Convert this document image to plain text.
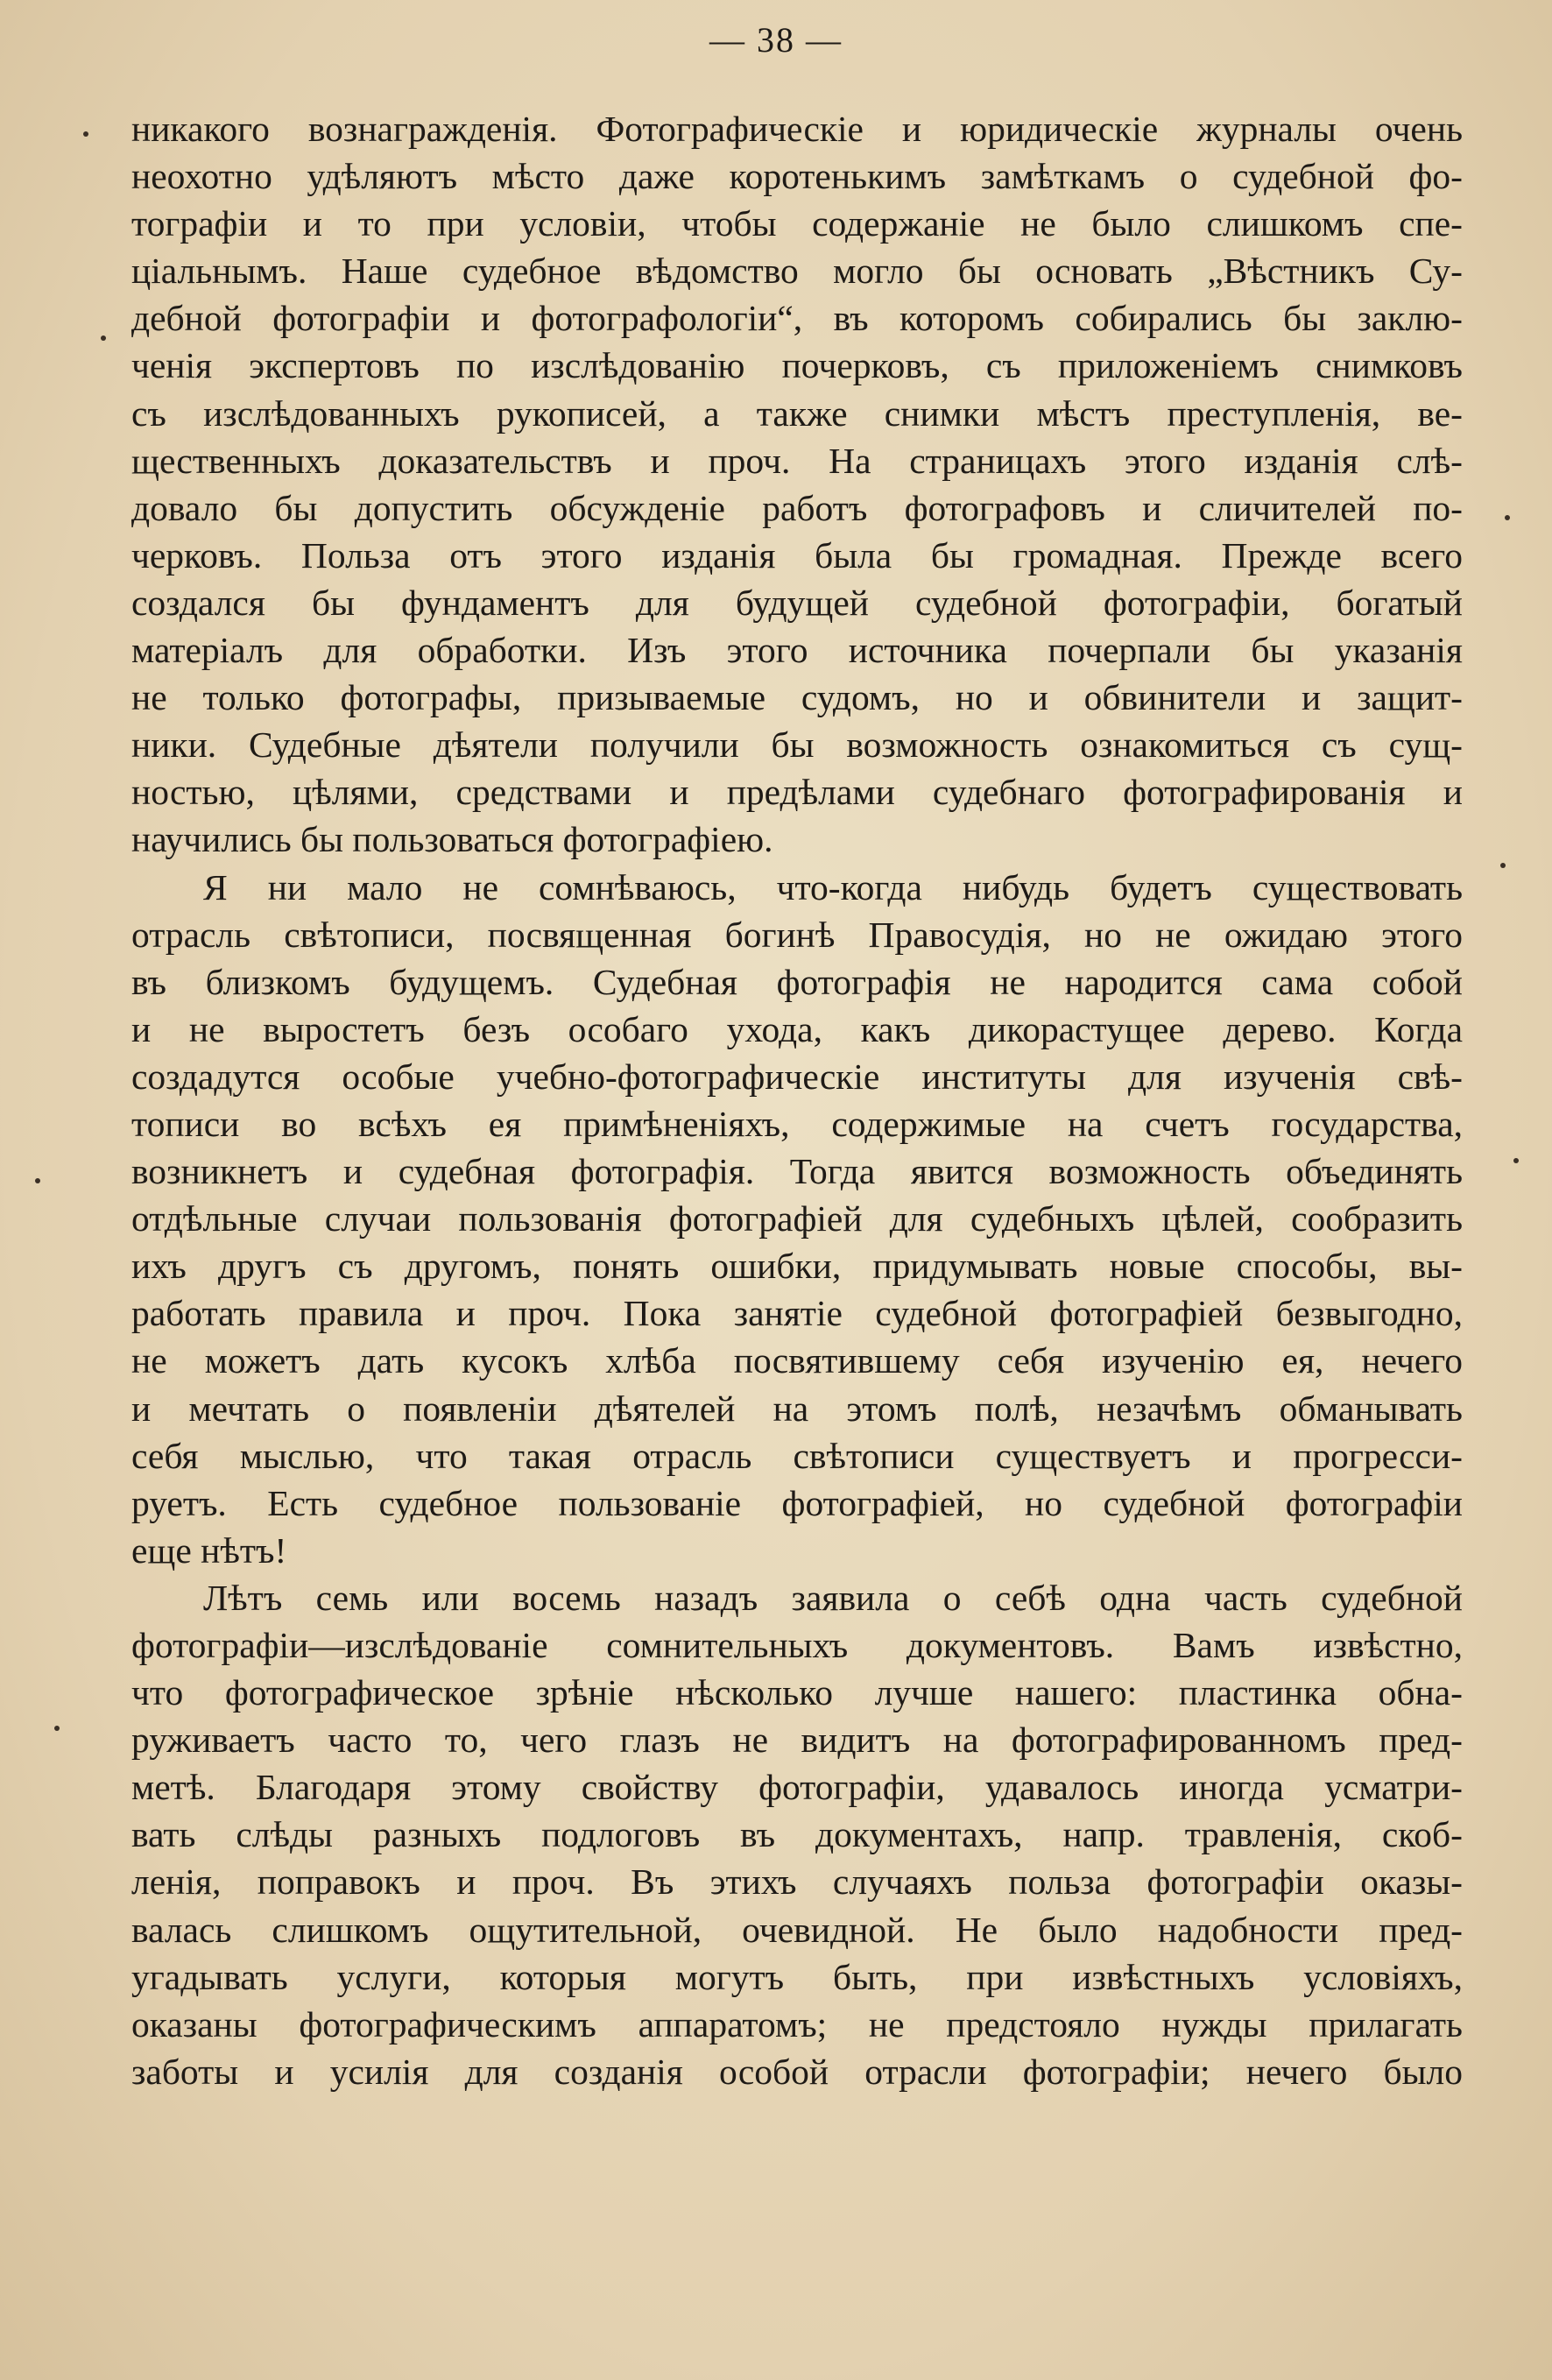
— 38 —
никакого вознагражденія. Фотографическіе и юридическіе журналы очень
неохотно удѣляютъ мѣсто даже коротенькимъ замѣткамъ о судебной фо-
тографіи и то при условіи, чтобы содержаніе не было слишкомъ спе-
ціальнымъ. Наше судебное вѣдомство могло бы основать „Вѣстникъ Су-
дебной фотографіи и фотографологіи“, въ которомъ собирались бы заклю-
ченія экспертовъ по изслѣдованію почерковъ, съ приложеніемъ снимковъ
съ изслѣдованныхъ рукописей, а также снимки мѣстъ преступленія, ве-
щественныхъ доказательствъ и проч. На страницахъ этого изданія слѣ-
довало бы допустить обсужденіе работъ фотографовъ и сличителей по-
черковъ. Польза отъ этого изданія была бы громадная. Прежде всего
создался бы фундаментъ для будущей судебной фотографіи, богатый
матеріалъ для обработки. Изъ этого источника почерпали бы указанія
не только фотографы, призываемые судомъ, но и обвинители и защит-
ники. Судебные дѣятели получили бы возможность ознакомиться съ сущ-
ностью, цѣлями, средствами и предѣлами судебнаго фотографированія и
научились бы пользоваться фотографіею.
Я ни мало не сомнѣваюсь, что-когда нибудь будетъ существовать
отрасль свѣтописи, посвященная богинѣ Правосудія, но не ожидаю этого
въ близкомъ будущемъ. Судебная фотографія не народится сама собой
и не выростетъ безъ особаго ухода, какъ дикорастущее дерево. Когда
создадутся особые учебно-фотографическіе институты для изученія свѣ-
тописи во всѣхъ ея примѣненіяхъ, содержимые на счетъ государства,
возникнетъ и судебная фотографія. Тогда явится возможность объединять
отдѣльные случаи пользованія фотографіей для судебныхъ цѣлей, сообразить
ихъ другъ съ другомъ, понять ошибки, придумывать новые способы, вы-
работать правила и проч. Пока занятіе судебной фотографіей безвыгодно,
не можетъ дать кусокъ хлѣба посвятившему себя изученію ея, нечего
и мечтать о появленіи дѣятелей на этомъ полѣ, незачѣмъ обманывать
себя мыслью, что такая отрасль свѣтописи существуетъ и прогресси-
руетъ. Есть судебное пользованіе фотографіей, но судебной фотографіи
еще нѣтъ!
Лѣтъ семь или восемь назадъ заявила о себѣ одна часть судебной
фотографіи—изслѣдованіе сомнительныхъ документовъ. Вамъ извѣстно,
что фотографическое зрѣніе нѣсколько лучше нашего: пластинка обна-
руживаетъ часто то, чего глазъ не видитъ на фотографированномъ пред-
метѣ. Благодаря этому свойству фотографіи, удавалось иногда усматри-
вать слѣды разныхъ подлоговъ въ документахъ, напр. травленія, скоб-
ленія, поправокъ и проч. Въ этихъ случаяхъ польза фотографіи оказы-
валась слишкомъ ощутительной, очевидной. Не было надобности пред-
угадывать услуги, которыя могутъ быть, при извѣстныхъ условіяхъ,
оказаны фотографическимъ аппаратомъ; не предстояло нужды прилагать
заботы и усилія для созданія особой отрасли фотографіи; нечего было
